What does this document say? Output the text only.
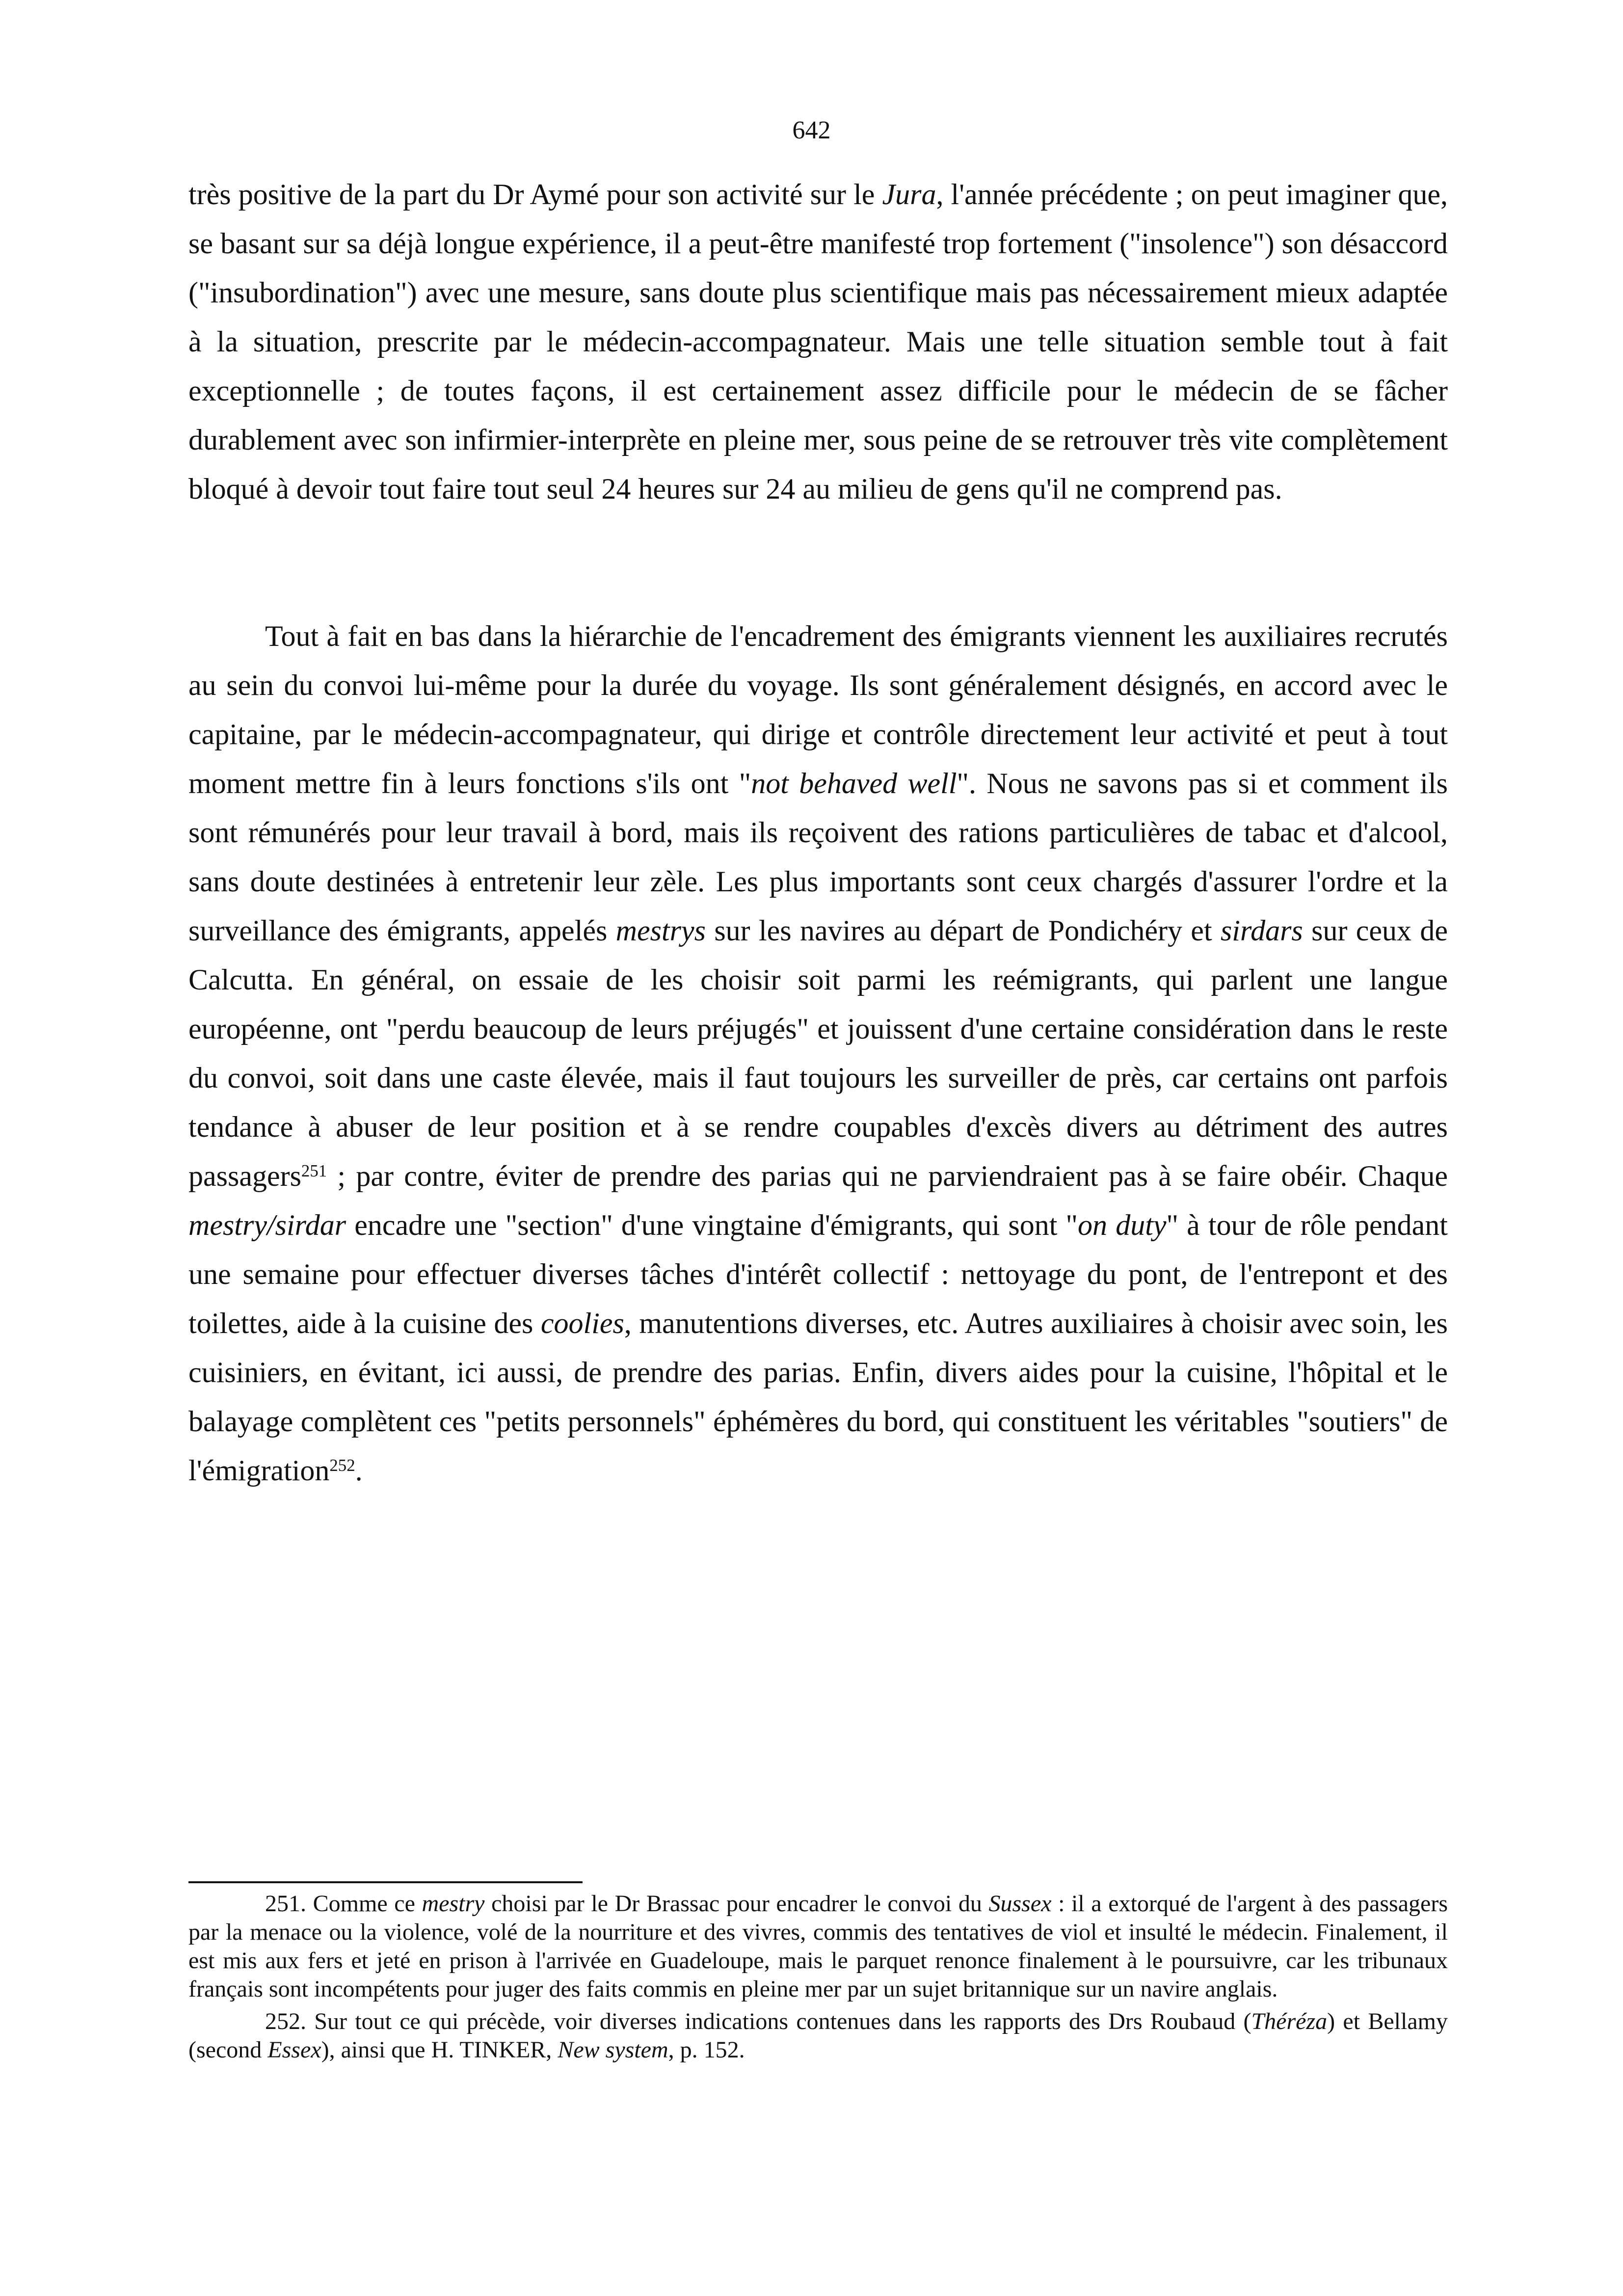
642

très positive de la part du Dr Aymé pour son activité sur le Jura, l'année précédente ; on peut imaginer que, se basant sur sa déjà longue expérience, il a peut-être manifesté trop fortement ("insolence") son désaccord ("insubordination") avec une mesure, sans doute plus scientifique mais pas nécessairement mieux adaptée à la situation, prescrite par le médecin-accompagnateur. Mais une telle situation semble tout à fait exceptionnelle ; de toutes façons, il est certainement assez difficile pour le médecin de se fâcher durablement avec son infirmier-interprète en pleine mer, sous peine de se retrouver très vite complètement bloqué à devoir tout faire tout seul 24 heures sur 24 au milieu de gens qu'il ne comprend pas.

Tout à fait en bas dans la hiérarchie de l'encadrement des émigrants viennent les auxiliaires recrutés au sein du convoi lui-même pour la durée du voyage. Ils sont généralement désignés, en accord avec le capitaine, par le médecin-accompagnateur, qui dirige et contrôle directement leur activité et peut à tout moment mettre fin à leurs fonctions s'ils ont "not behaved well". Nous ne savons pas si et comment ils sont rémunérés pour leur travail à bord, mais ils reçoivent des rations particulières de tabac et d'alcool, sans doute destinées à entretenir leur zèle. Les plus importants sont ceux chargés d'assurer l'ordre et la surveillance des émigrants, appelés mestrys sur les navires au départ de Pondichéry et sirdars sur ceux de Calcutta. En général, on essaie de les choisir soit parmi les reémigrants, qui parlent une langue européenne, ont "perdu beaucoup de leurs préjugés" et jouissent d'une certaine considération dans le reste du convoi, soit dans une caste élevée, mais il faut toujours les surveiller de près, car certains ont parfois tendance à abuser de leur position et à se rendre coupables d'excès divers au détriment des autres passagers$^{251}$ ; par contre, éviter de prendre des parias qui ne parviendraient pas à se faire obéir. Chaque mestry/sirdar encadre une "section" d'une vingtaine d'émigrants, qui sont "on duty" à tour de rôle pendant une semaine pour effectuer diverses tâches d'intérêt collectif : nettoyage du pont, de l'entrepont et des toilettes, aide à la cuisine des coolies, manutentions diverses, etc. Autres auxiliaires à choisir avec soin, les cuisiniers, en évitant, ici aussi, de prendre des parias. Enfin, divers aides pour la cuisine, l'hôpital et le balayage complètent ces "petits personnels" éphémères du bord, qui constituent les véritables "soutiers" de l'émigration$^{252}$.

251. Comme ce mestry choisi par le Dr Brassac pour encadrer le convoi du Sussex : il a extorqué de l'argent à des passagers par la menace ou la violence, volé de la nourriture et des vivres, commis des tentatives de viol et insulté le médecin. Finalement, il est mis aux fers et jeté en prison à l'arrivée en Guadeloupe, mais le parquet renonce finalement à le poursuivre, car les tribunaux français sont incompétents pour juger des faits commis en pleine mer par un sujet britannique sur un navire anglais.

252. Sur tout ce qui précède, voir diverses indications contenues dans les rapports des Drs Roubaud (Théréza) et Bellamy (second Essex), ainsi que H. TINKER, New system, p. 152.
